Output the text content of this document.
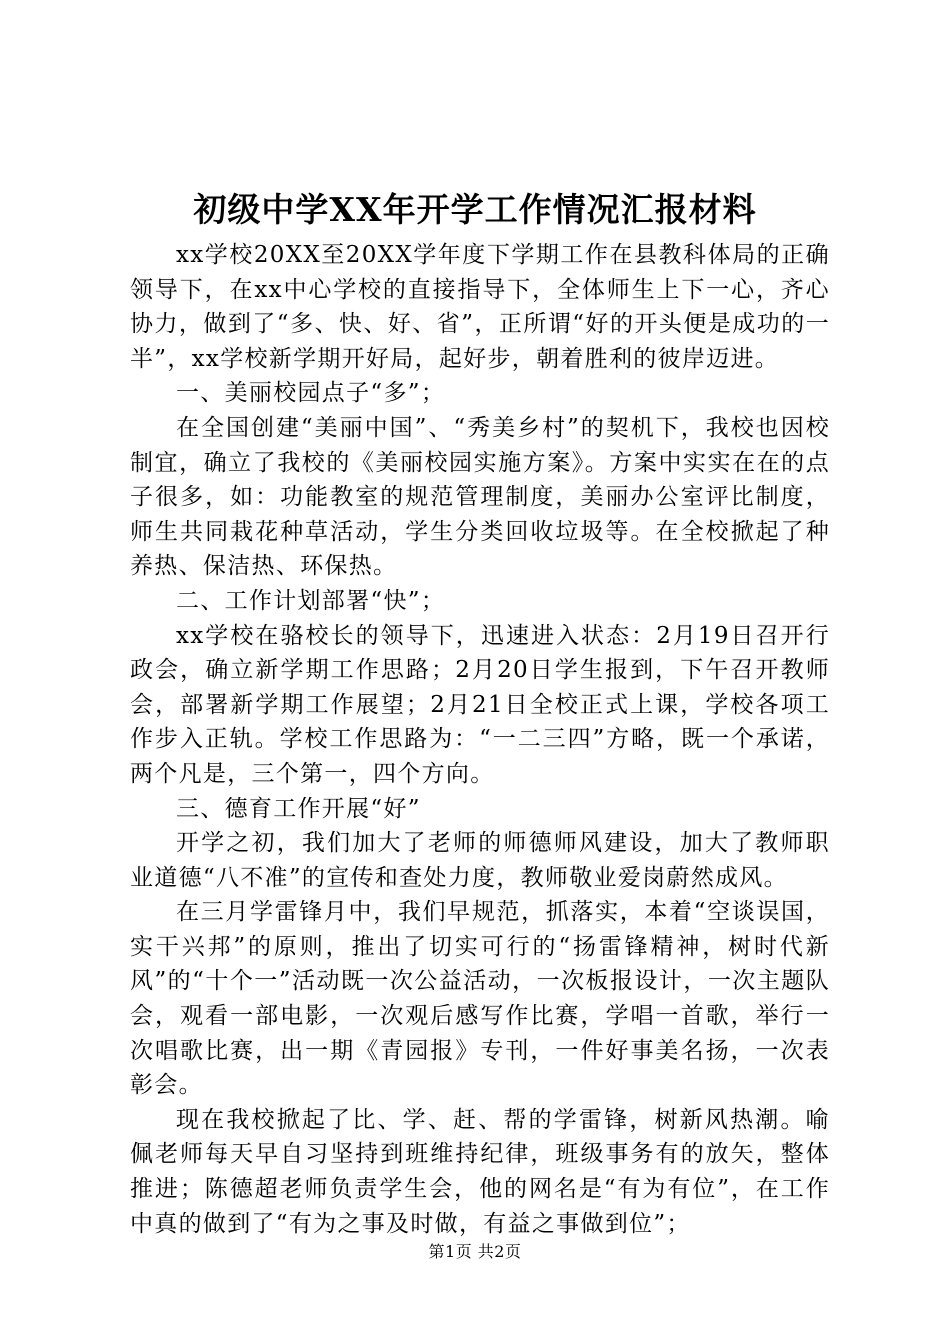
初级中学XX年开学工作情况汇报材料

xx学校20XX至20XX学年度下学期工作在县教科体局的正确领导下，在xx中心学校的直接指导下，全体师生上下一心，齐心协力，做到了“多、快、好、省”，正所谓“好的开头便是成功的一半”，xx学校新学期开好局，起好步，朝着胜利的彼岸迈进。

一、美丽校园点子“多”；

在全国创建“美丽中国”、“秀美乡村”的契机下，我校也因校制宜，确立了我校的《美丽校园实施方案》。方案中实实在在的点子很多，如：功能教室的规范管理制度，美丽办公室评比制度，师生共同栽花种草活动，学生分类回收垃圾等。在全校掀起了种养热、保洁热、环保热。

二、工作计划部署“快”；

xx学校在骆校长的领导下，迅速进入状态：2月19日召开行政会，确立新学期工作思路；2月20日学生报到，下午召开教师会，部署新学期工作展望；2月21日全校正式上课，学校各项工作步入正轨。学校工作思路为：“一二三四”方略，既一个承诺，两个凡是，三个第一，四个方向。

三、德育工作开展“好”

开学之初，我们加大了老师的师德师风建设，加大了教师职业道德“八不准”的宣传和查处力度，教师敬业爱岗蔚然成风。

在三月学雷锋月中，我们早规范，抓落实，本着“空谈误国，实干兴邦”的原则，推出了切实可行的“扬雷锋精神，树时代新风”的“十个一”活动既一次公益活动，一次板报设计，一次主题队会，观看一部电影，一次观后感写作比赛，学唱一首歌，举行一次唱歌比赛，出一期《青园报》专刊，一件好事美名扬，一次表彰会。

现在我校掀起了比、学、赶、帮的学雷锋，树新风热潮。喻佩老师每天早自习坚持到班维持纪律，班级事务有的放矢，整体推进；陈德超老师负责学生会，他的网名是“有为有位”，在工作中真的做到了“有为之事及时做，有益之事做到位”；

第1页 共2页
